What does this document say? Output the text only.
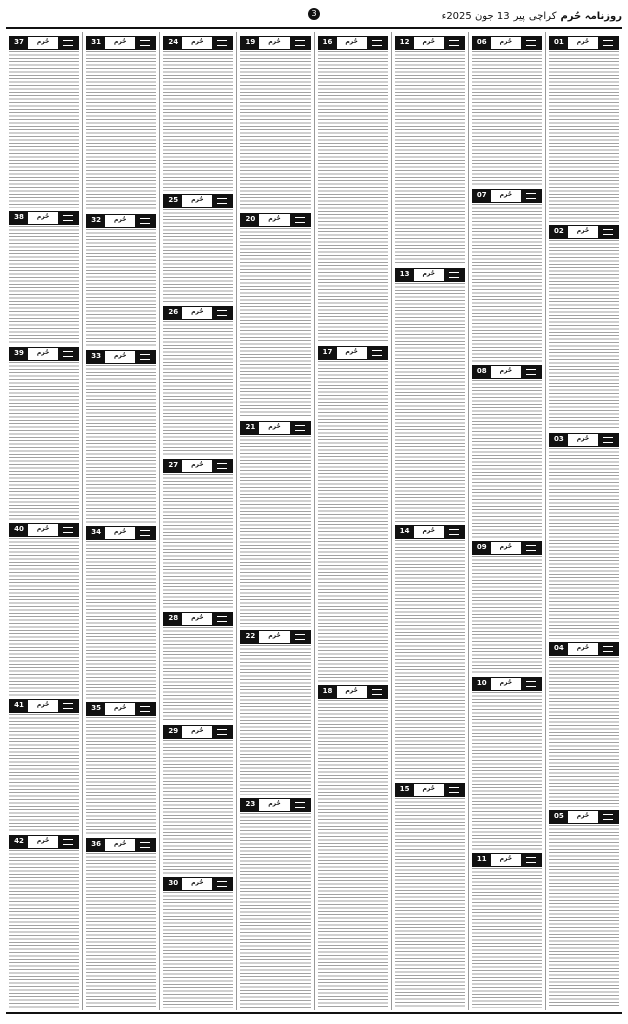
روزنامہ حُرم
کراچی
پیر
13 جون 2025ء
3
حُرم
01
حُرم
02
حُرم
03
حُرم
04
حُرم
05
حُرم
06
حُرم
07
حُرم
08
حُرم
09
حُرم
10
حُرم
11
حُرم
12
حُرم
13
حُرم
14
حُرم
15
حُرم
16
حُرم
17
حُرم
18
حُرم
19
حُرم
20
حُرم
21
حُرم
22
حُرم
23
حُرم
24
حُرم
25
حُرم
26
حُرم
27
حُرم
28
حُرم
29
حُرم
30
حُرم
31
حُرم
32
حُرم
33
حُرم
34
حُرم
35
حُرم
36
حُرم
37
حُرم
38
حُرم
39
حُرم
40
حُرم
41
حُرم
42
